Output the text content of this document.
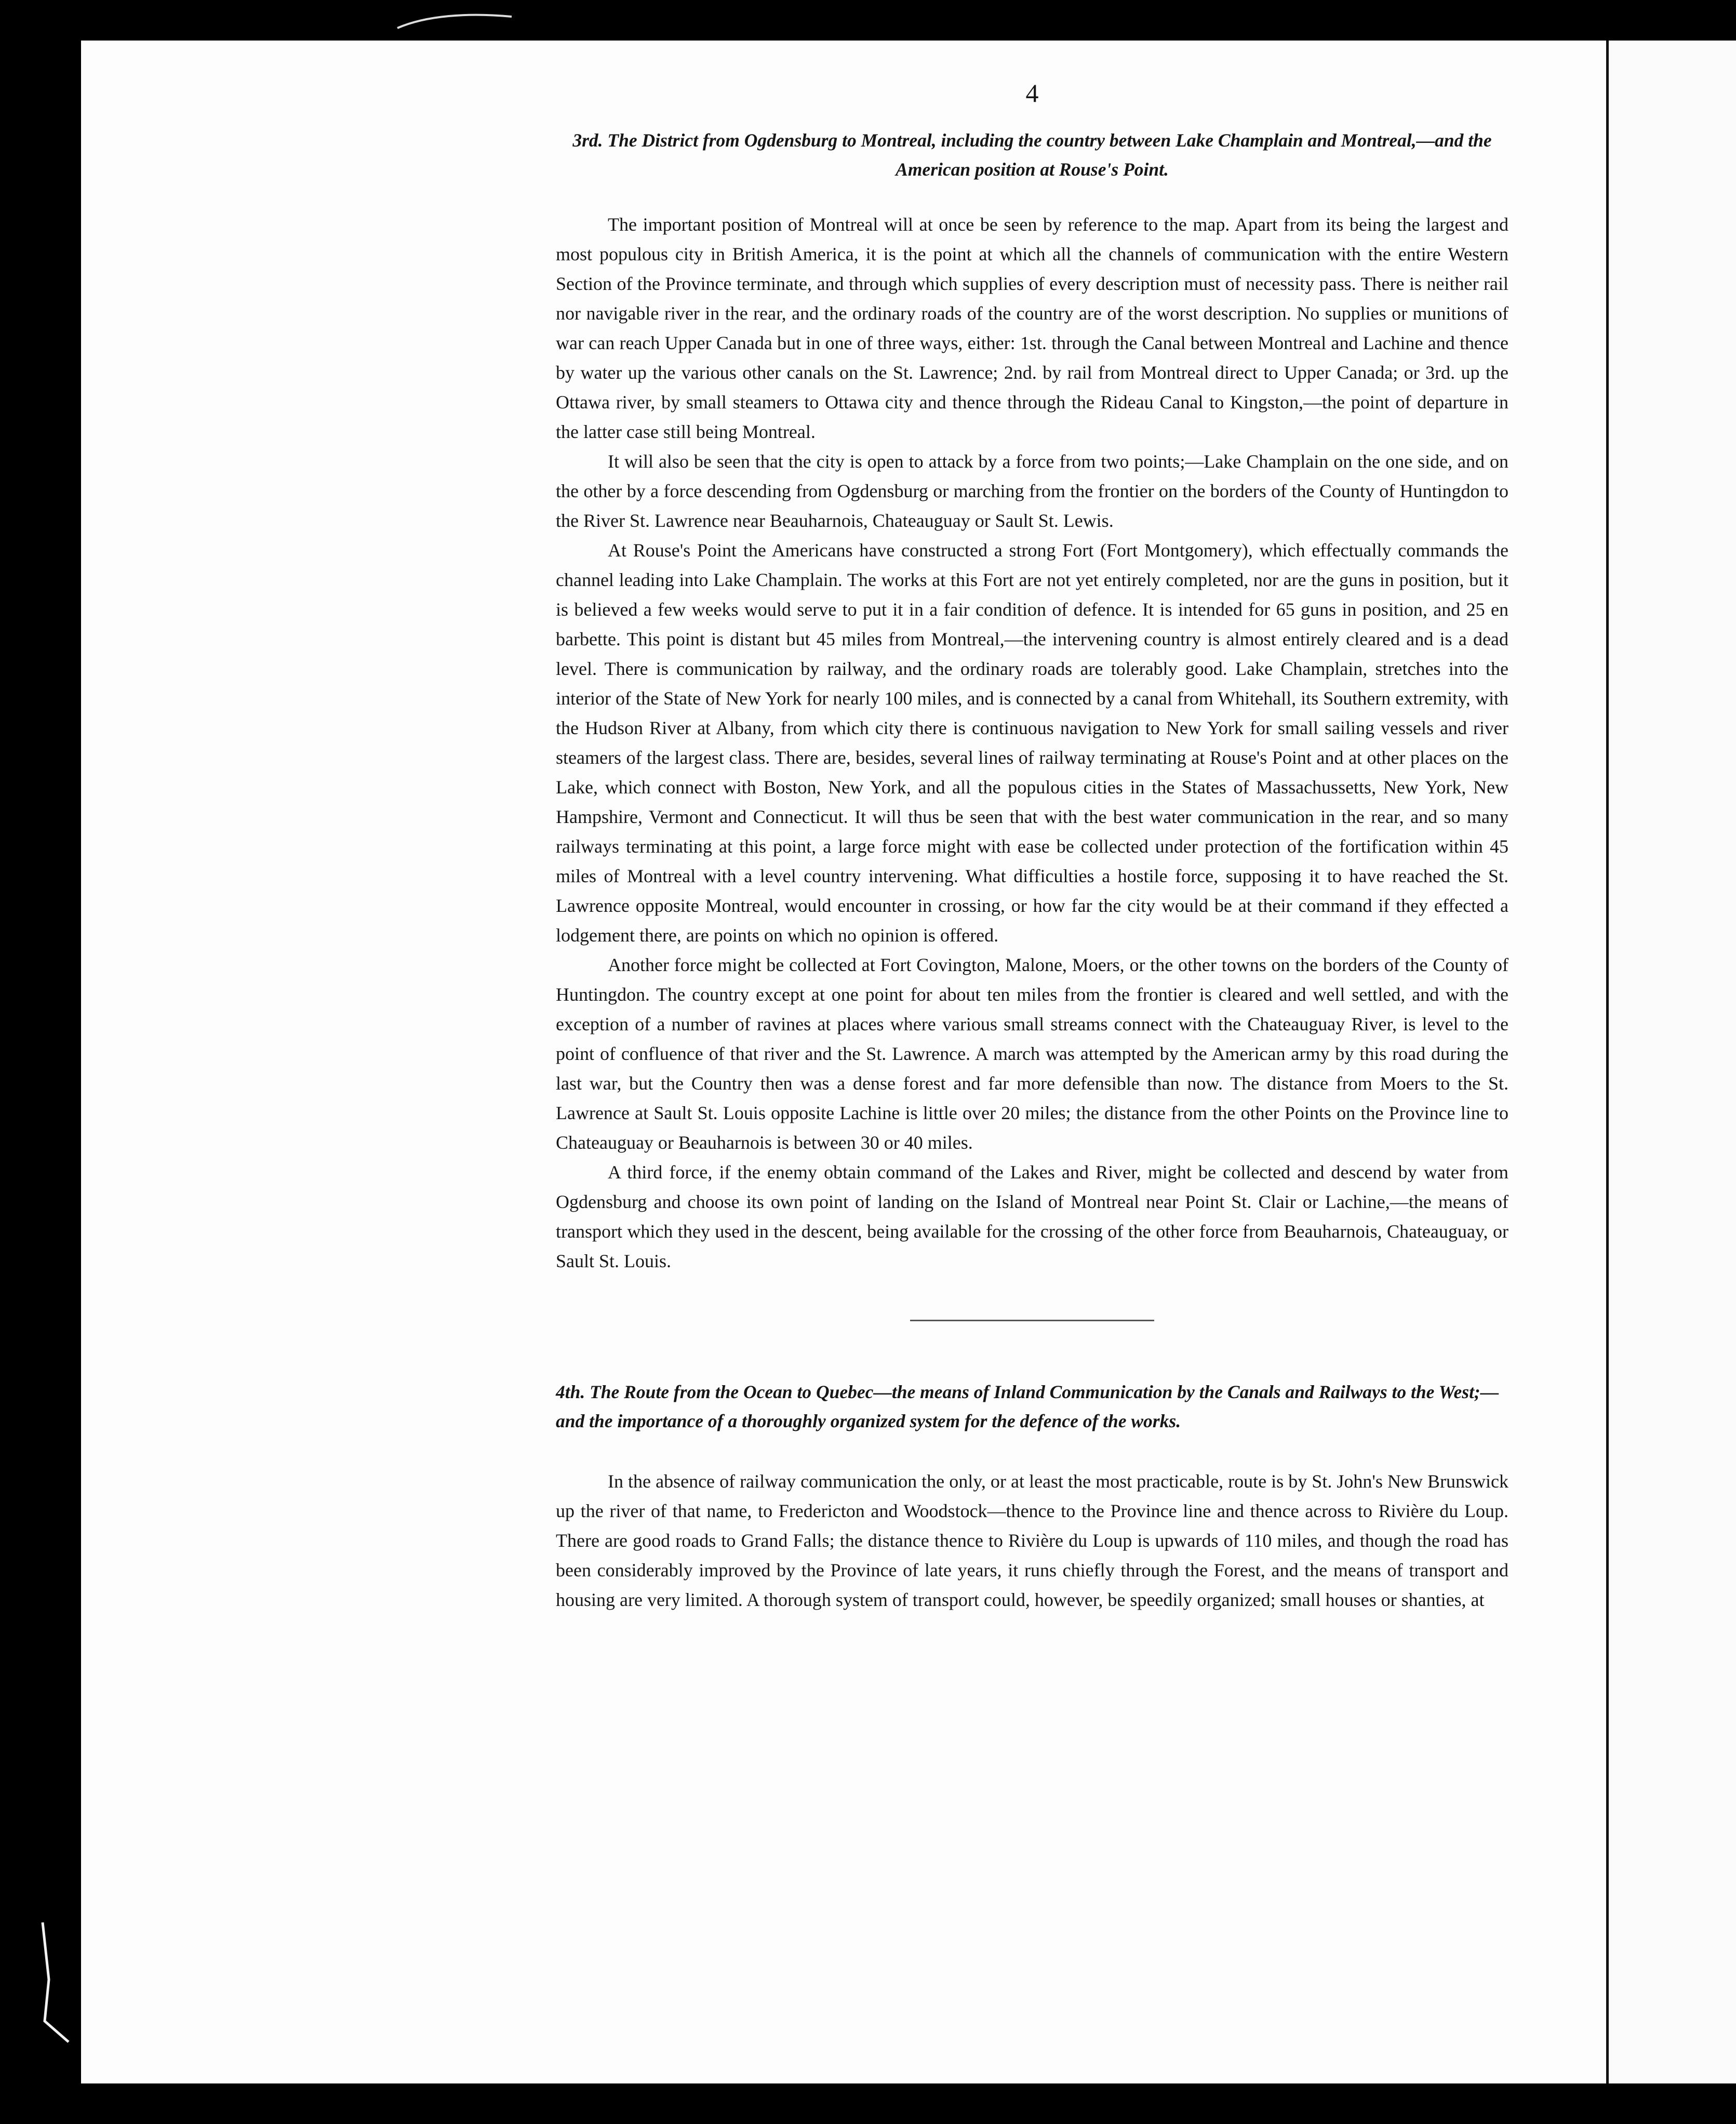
4
3rd. The District from Ogdensburg to Montreal, including the country between Lake Champlain and Montreal,—and the American position at Rouse's Point.

The important position of Montreal will at once be seen by reference to the map. Apart from its being the largest and most populous city in British America, it is the point at which all the channels of communication with the entire Western Section of the Province terminate, and through which supplies of every description must of necessity pass. There is neither rail nor navigable river in the rear, and the ordinary roads of the country are of the worst description. No supplies or munitions of war can reach Upper Canada but in one of three ways, either: 1st. through the Canal between Montreal and Lachine and thence by water up the various other canals on the St. Lawrence; 2nd. by rail from Montreal direct to Upper Canada; or 3rd. up the Ottawa river, by small steamers to Ottawa city and thence through the Rideau Canal to Kingston,—the point of departure in the latter case still being Montreal.

It will also be seen that the city is open to attack by a force from two points;—Lake Champlain on the one side, and on the other by a force descending from Ogdensburg or marching from the frontier on the borders of the County of Huntingdon to the River St. Lawrence near Beauharnois, Chateauguay or Sault St. Lewis.

At Rouse's Point the Americans have constructed a strong Fort (Fort Montgomery), which effectually commands the channel leading into Lake Champlain. The works at this Fort are not yet entirely completed, nor are the guns in position, but it is believed a few weeks would serve to put it in a fair condition of defence. It is intended for 65 guns in position, and 25 en barbette. This point is distant but 45 miles from Montreal,—the intervening country is almost entirely cleared and is a dead level. There is communication by railway, and the ordinary roads are tolerably good. Lake Champlain, stretches into the interior of the State of New York for nearly 100 miles, and is connected by a canal from Whitehall, its Southern extremity, with the Hudson River at Albany, from which city there is continuous navigation to New York for small sailing vessels and river steamers of the largest class. There are, besides, several lines of railway terminating at Rouse's Point and at other places on the Lake, which connect with Boston, New York, and all the populous cities in the States of Massachussetts, New York, New Hampshire, Vermont and Connecticut. It will thus be seen that with the best water communication in the rear, and so many railways terminating at this point, a large force might with ease be collected under protection of the fortification within 45 miles of Montreal with a level country intervening. What difficulties a hostile force, supposing it to have reached the St. Lawrence opposite Montreal, would encounter in crossing, or how far the city would be at their command if they effected a lodgement there, are points on which no opinion is offered.

Another force might be collected at Fort Covington, Malone, Moers, or the other towns on the borders of the County of Huntingdon. The country except at one point for about ten miles from the frontier is cleared and well settled, and with the exception of a number of ravines at places where various small streams connect with the Chateauguay River, is level to the point of confluence of that river and the St. Lawrence. A march was attempted by the American army by this road during the last war, but the Country then was a dense forest and far more defensible than now. The distance from Moers to the St. Lawrence at Sault St. Louis opposite Lachine is little over 20 miles; the distance from the other Points on the Province line to Chateauguay or Beauharnois is between 30 or 40 miles.

A third force, if the enemy obtain command of the Lakes and River, might be collected and descend by water from Ogdensburg and choose its own point of landing on the Island of Montreal near Point St. Clair or Lachine,—the means of transport which they used in the descent, being available for the crossing of the other force from Beauharnois, Chateauguay, or Sault St. Louis.

4th. The Route from the Ocean to Quebec—the means of Inland Communication by the Canals and Railways to the West;—and the importance of a thoroughly organized system for the defence of the works.

In the absence of railway communication the only, or at least the most practicable, route is by St. John's New Brunswick up the river of that name, to Fredericton and Woodstock—thence to the Province line and thence across to Rivière du Loup. There are good roads to Grand Falls; the distance thence to Rivière du Loup is upwards of 110 miles, and though the road has been considerably improved by the Province of late years, it runs chiefly through the Forest, and the means of transport and housing are very limited. A thorough system of transport could, however, be speedily organized; small houses or shanties, at
